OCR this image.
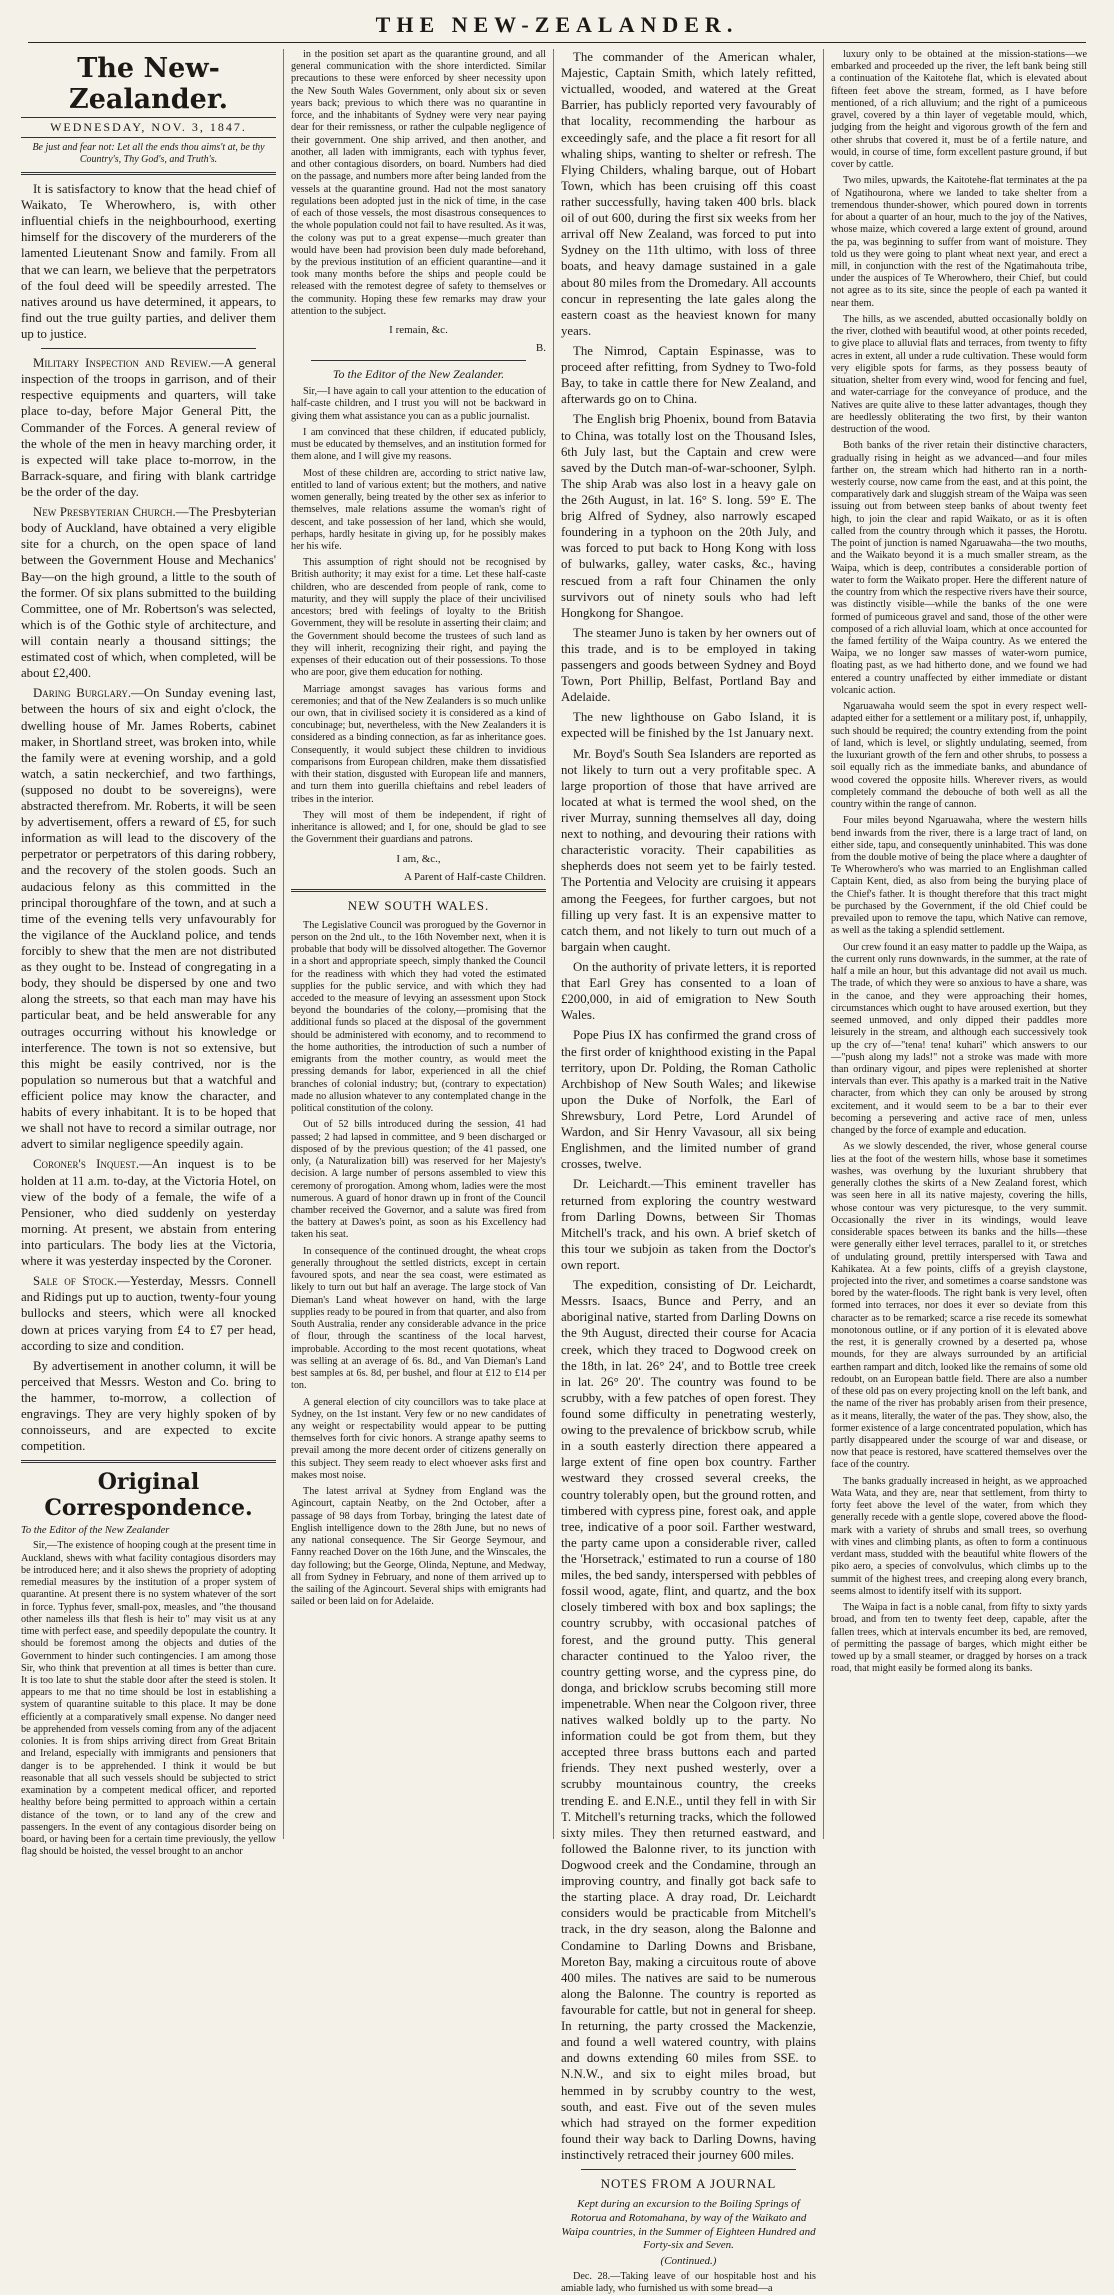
THE NEW-ZEALANDER.
The New-Zealander.
WEDNESDAY, NOV. 3, 1847.
Be just and fear not: Let all the ends thou aims't at, be thy Country's, Thy God's, and Truth's.

It is satisfactory to know that the head chief of Waikato, Te Wherowhero, is, with other influential chiefs in the neighbourhood, exerting himself for the discovery of the murderers of the lamented Lieutenant Snow and family. From all that we can learn, we believe that the perpetrators of the foul deed will be speedily arrested. The natives around us have determined, it appears, to find out the true guilty parties, and deliver them up to justice.

Military Inspection and Review.—A general inspection of the troops in garrison, and of their respective equipments and quarters, will take place to-day, before Major General Pitt, the Commander of the Forces. A general review of the whole of the men in heavy marching order, it is expected will take place to-morrow, in the Barrack-square, and firing with blank cartridge be the order of the day.

New Presbyterian Church.—The Presbyterian body of Auckland, have obtained a very eligible site for a church, on the open space of land between the Government House and Mechanics' Bay—on the high ground, a little to the south of the former. Of six plans submitted to the building Committee, one of Mr. Robertson's was selected, which is of the Gothic style of architecture, and will contain nearly a thousand sittings; the estimated cost of which, when completed, will be about £2,400.

Daring Burglary.—On Sunday evening last, between the hours of six and eight o'clock, the dwelling house of Mr. James Roberts, cabinet maker, in Shortland street, was broken into, while the family were at evening worship, and a gold watch, a satin neckerchief, and two farthings, (supposed no doubt to be sovereigns), were abstracted therefrom. Mr. Roberts, it will be seen by advertisement, offers a reward of £5, for such information as will lead to the discovery of the perpetrator or perpetrators of this daring robbery, and the recovery of the stolen goods. Such an audacious felony as this committed in the principal thoroughfare of the town, and at such a time of the evening tells very unfavourably for the vigilance of the Auckland police, and tends forcibly to shew that the men are not distributed as they ought to be. Instead of congregating in a body, they should be dispersed by one and two along the streets, so that each man may have his particular beat, and be held answerable for any outrages occurring without his knowledge or interference. The town is not so extensive, but this might be easily contrived, nor is the population so numerous but that a watchful and efficient police may know the character, and habits of every inhabitant. It is to be hoped that we shall not have to record a similar outrage, nor advert to similar negligence speedily again.

Coroner's Inquest.—An inquest is to be holden at 11 a.m. to-day, at the Victoria Hotel, on view of the body of a female, the wife of a Pensioner, who died suddenly on yesterday morning. At present, we abstain from entering into particulars. The body lies at the Victoria, where it was yesterday inspected by the Coroner.

Sale of Stock.—Yesterday, Messrs. Connell and Ridings put up to auction, twenty-four young bullocks and steers, which were all knocked down at prices varying from £4 to £7 per head, according to size and condition.

By advertisement in another column, it will be perceived that Messrs. Weston and Co. bring to the hammer, to-morrow, a collection of engravings. They are very highly spoken of by connoisseurs, and are expected to excite competition.

Original Correspondence.
To the Editor of the New Zealander

Sir,—The existence of hooping cough at the present time in Auckland, shews with what facility contagious disorders may be introduced here; and it also shews the propriety of adopting remedial measures by the institution of a proper system of quarantine. At present there is no system whatever of the sort in force. Typhus fever, small-pox, measles, and "the thousand other nameless ills that flesh is heir to" may visit us at any time with perfect ease, and speedily depopulate the country. It should be foremost among the objects and duties of the Government to hinder such contingencies. I am among those Sir, who think that prevention at all times is better than cure. It is too late to shut the stable door after the steed is stolen. It appears to me that no time should be lost in establishing a system of quarantine suitable to this place. It may be done efficiently at a comparatively small expense. No danger need be apprehended from vessels coming from any of the adjacent colonies. It is from ships arriving direct from Great Britain and Ireland, especially with immigrants and pensioners that danger is to be apprehended. I think it would be but reasonable that all such vessels should be subjected to strict examination by a competent medical officer, and reported healthy before being permitted to approach within a certain distance of the town, or to land any of the crew and passengers. In the event of any contagious disorder being on board, or having been for a certain time previously, the yellow flag should be hoisted, the vessel brought to an anchor

in the position set apart as the quarantine ground, and all general communication with the shore interdicted. Similar precautions to these were enforced by sheer necessity upon the New South Wales Government, only about six or seven years back; previous to which there was no quarantine in force, and the inhabitants of Sydney were very near paying dear for their remissness, or rather the culpable negligence of their government. One ship arrived, and then another, and another, all laden with immigrants, each with typhus fever, and other contagious disorders, on board. Numbers had died on the passage, and numbers more after being landed from the vessels at the quarantine ground. Had not the most sanatory regulations been adopted just in the nick of time, in the case of each of those vessels, the most disastrous consequences to the whole population could not fail to have resulted. As it was, the colony was put to a great expense—much greater than would have been had provision been duly made beforehand, by the previous institution of an efficient quarantine—and it took many months before the ships and people could be released with the remotest degree of safety to themselves or the community. Hoping these few remarks may draw your attention to the subject.

I remain, &c.
B.
To the Editor of the New Zealander.

Sir,—I have again to call your attention to the education of half-caste children, and I trust you will not be backward in giving them what assistance you can as a public journalist.

I am convinced that these children, if educated publicly, must be educated by themselves, and an institution formed for them alone, and I will give my reasons.

Most of these children are, according to strict native law, entitled to land of various extent; but the mothers, and native women generally, being treated by the other sex as inferior to themselves, male relations assume the woman's right of descent, and take possession of her land, which she would, perhaps, hardly hesitate in giving up, for he possibly makes her his wife.

This assumption of right should not be recognised by British authority; it may exist for a time. Let these half-caste children, who are descended from people of rank, come to maturity, and they will supply the place of their uncivilised ancestors; bred with feelings of loyalty to the British Government, they will be resolute in asserting their claim; and the Government should become the trustees of such land as they will inherit, recognizing their right, and paying the expenses of their education out of their possessions. To those who are poor, give them education for nothing.

Marriage amongst savages has various forms and ceremonies; and that of the New Zealanders is so much unlike our own, that in civilised society it is considered as a kind of concubinage; but, nevertheless, with the New Zealanders it is considered as a binding connection, as far as inheritance goes. Consequently, it would subject these children to invidious comparisons from European children, make them dissatisfied with their station, disgusted with European life and manners, and turn them into guerilla chieftains and rebel leaders of tribes in the interior.

They will most of them be independent, if right of inheritance is allowed; and I, for one, should be glad to see the Government their guardians and patrons.

I am, &c.,
A Parent of Half-caste Children.
NEW SOUTH WALES.

The Legislative Council was prorogued by the Governor in person on the 2nd ult., to the 16th November next, when it is probable that body will be dissolved altogether. The Governor in a short and appropriate speech, simply thanked the Council for the readiness with which they had voted the estimated supplies for the public service, and with which they had acceded to the measure of levying an assessment upon Stock beyond the boundaries of the colony,—promising that the additional funds so placed at the disposal of the government should be administered with economy, and to recommend to the home authorities, the introduction of such a number of emigrants from the mother country, as would meet the pressing demands for labor, experienced in all the chief branches of colonial industry; but, (contrary to expectation) made no allusion whatever to any contemplated change in the political constitution of the colony.

Out of 52 bills introduced during the session, 41 had passed; 2 had lapsed in committee, and 9 been discharged or disposed of by the previous question; of the 41 passed, one only, (a Naturalization bill) was reserved for her Majesty's decision. A large number of persons assembled to view this ceremony of prorogation. Among whom, ladies were the most numerous. A guard of honor drawn up in front of the Council chamber received the Governor, and a salute was fired from the battery at Dawes's point, as soon as his Excellency had taken his seat.

In consequence of the continued drought, the wheat crops generally throughout the settled districts, except in certain favoured spots, and near the sea coast, were estimated as likely to turn out but half an average. The large stock of Van Dieman's Land wheat however on hand, with the large supplies ready to be poured in from that quarter, and also from South Australia, render any considerable advance in the price of flour, through the scantiness of the local harvest, improbable. According to the most recent quotations, wheat was selling at an average of 6s. 8d., and Van Dieman's Land best samples at 6s. 8d, per bushel, and flour at £12 to £14 per ton.

A general election of city councillors was to take place at Sydney, on the 1st instant. Very few or no new candidates of any weight or respectability would appear to be putting themselves forth for civic honors. A strange apathy seems to prevail among the more decent order of citizens generally on this subject. They seem ready to elect whoever asks first and makes most noise.

The latest arrival at Sydney from England was the Agincourt, captain Neatby, on the 2nd October, after a passage of 98 days from Torbay, bringing the latest date of English intelligence down to the 28th June, but no news of any national consequence. The Sir George Seymour, and Fanny reached Dover on the 16th June, and the Winscales, the day following; but the George, Olinda, Neptune, and Medway, all from Sydney in February, and none of them arrived up to the sailing of the Agincourt. Several ships with emigrants had sailed or been laid on for Adelaide.

The commander of the American whaler, Majestic, Captain Smith, which lately refitted, victualled, wooded, and watered at the Great Barrier, has publicly reported very favourably of that locality, recommending the harbour as exceedingly safe, and the place a fit resort for all whaling ships, wanting to shelter or refresh. The Flying Childers, whaling barque, out of Hobart Town, which has been cruising off this coast rather successfully, having taken 400 brls. black oil of out 600, during the first six weeks from her arrival off New Zealand, was forced to put into Sydney on the 11th ultimo, with loss of three boats, and heavy damage sustained in a gale about 80 miles from the Dromedary. All accounts concur in representing the late gales along the eastern coast as the heaviest known for many years.

The Nimrod, Captain Espinasse, was to proceed after refitting, from Sydney to Two-fold Bay, to take in cattle there for New Zealand, and afterwards go on to China.

The English brig Phoenix, bound from Batavia to China, was totally lost on the Thousand Isles, 6th July last, but the Captain and crew were saved by the Dutch man-of-war-schooner, Sylph. The ship Arab was also lost in a heavy gale on the 26th August, in lat. 16° S. long. 59° E. The brig Alfred of Sydney, also narrowly escaped foundering in a typhoon on the 20th July, and was forced to put back to Hong Kong with loss of bulwarks, galley, water casks, &c., having rescued from a raft four Chinamen the only survivors out of ninety souls who had left Hongkong for Shangoe.

The steamer Juno is taken by her owners out of this trade, and is to be employed in taking passengers and goods between Sydney and Boyd Town, Port Phillip, Belfast, Portland Bay and Adelaide.

The new lighthouse on Gabo Island, it is expected will be finished by the 1st January next.

Mr. Boyd's South Sea Islanders are reported as not likely to turn out a very profitable spec. A large proportion of those that have arrived are located at what is termed the wool shed, on the river Murray, sunning themselves all day, doing next to nothing, and devouring their rations with characteristic voracity. Their capabilities as shepherds does not seem yet to be fairly tested. The Portentia and Velocity are cruising it appears among the Feegees, for further cargoes, but not filling up very fast. It is an expensive matter to catch them, and not likely to turn out much of a bargain when caught.

On the authority of private letters, it is reported that Earl Grey has consented to a loan of £200,000, in aid of emigration to New South Wales.

Pope Pius IX has confirmed the grand cross of the first order of knighthood existing in the Papal territory, upon Dr. Polding, the Roman Catholic Archbishop of New South Wales; and likewise upon the Duke of Norfolk, the Earl of Shrewsbury, Lord Petre, Lord Arundel of Wardon, and Sir Henry Vavasour, all six being Englishmen, and the limited number of grand crosses, twelve.

Dr. Leichardt.—This eminent traveller has returned from exploring the country westward from Darling Downs, between Sir Thomas Mitchell's track, and his own. A brief sketch of this tour we subjoin as taken from the Doctor's own report.

The expedition, consisting of Dr. Leichardt, Messrs. Isaacs, Bunce and Perry, and an aboriginal native, started from Darling Downs on the 9th August, directed their course for Acacia creek, which they traced to Dogwood creek on the 18th, in lat. 26° 24', and to Bottle tree creek in lat. 26° 20'. The country was found to be scrubby, with a few patches of open forest. They found some difficulty in penetrating westerly, owing to the prevalence of brickbow scrub, while in a south easterly direction there appeared a large extent of fine open box country. Farther westward they crossed several creeks, the country tolerably open, but the ground rotten, and timbered with cypress pine, forest oak, and apple tree, indicative of a poor soil. Farther westward, the party came upon a considerable river, called the 'Horsetrack,' estimated to run a course of 180 miles, the bed sandy, interspersed with pebbles of fossil wood, agate, flint, and quartz, and the box closely timbered with box and box saplings; the country scrubby, with occasional patches of forest, and the ground putty. This general character continued to the Yaloo river, the country getting worse, and the cypress pine, do donga, and bricklow scrubs becoming still more impenetrable. When near the Colgoon river, three natives walked boldly up to the party. No information could be got from them, but they accepted three brass buttons each and parted friends. They next pushed westerly, over a scrubby mountainous country, the creeks trending E. and E.N.E., until they fell in with Sir T. Mitchell's returning tracks, which the followed sixty miles. They then returned eastward, and followed the Balonne river, to its junction with Dogwood creek and the Condamine, through an improving country, and finally got back safe to the starting place. A dray road, Dr. Leichardt considers would be practicable from Mitchell's track, in the dry season, along the Balonne and Condamine to Darling Downs and Brisbane, Moreton Bay, making a circuitous route of above 400 miles. The natives are said to be numerous along the Balonne. The country is reported as favourable for cattle, but not in general for sheep. In returning, the party crossed the Mackenzie, and found a well watered country, with plains and downs extending 60 miles from SSE. to N.N.W., and six to eight miles broad, but hemmed in by scrubby country to the west, south, and east. Five out of the seven mules which had strayed on the former expedition found their way back to Darling Downs, having instinctively retraced their journey 600 miles.

NOTES FROM A JOURNAL
Kept during an excursion to the Boiling Springs of Rotorua and Rotomahana, by way of the Waikato and Waipa countries, in the Summer of Eighteen Hundred and Forty-six and Seven.
(Continued.)

Dec. 28.—Taking leave of our hospitable host and his amiable lady, who furnished us with some bread—a

luxury only to be obtained at the mission-stations—we embarked and proceeded up the river, the left bank being still a continuation of the Kaitotehe flat, which is elevated about fifteen feet above the stream, formed, as I have before mentioned, of a rich alluvium; and the right of a pumiceous gravel, covered by a thin layer of vegetable mould, which, judging from the height and vigorous growth of the fern and other shrubs that covered it, must be of a fertile nature, and would, in course of time, form excellent pasture ground, if but cover by cattle.

Two miles, upwards, the Kaitotehe-flat terminates at the pa of Ngatihourona, where we landed to take shelter from a tremendous thunder-shower, which poured down in torrents for about a quarter of an hour, much to the joy of the Natives, whose maize, which covered a large extent of ground, around the pa, was beginning to suffer from want of moisture. They told us they were going to plant wheat next year, and erect a mill, in conjunction with the rest of the Ngatimahouta tribe, under the auspices of Te Wherowhero, their Chief, but could not agree as to its site, since the people of each pa wanted it near them.

The hills, as we ascended, abutted occasionally boldly on the river, clothed with beautiful wood, at other points receded, to give place to alluvial flats and terraces, from twenty to fifty acres in extent, all under a rude cultivation. These would form very eligible spots for farms, as they possess beauty of situation, shelter from every wind, wood for fencing and fuel, and water-carriage for the conveyance of produce, and the Natives are quite alive to these latter advantages, though they are heedlessly obliterating the two first, by their wanton destruction of the wood.

Both banks of the river retain their distinctive characters, gradually rising in height as we advanced—and four miles farther on, the stream which had hitherto ran in a north-westerly course, now came from the east, and at this point, the comparatively dark and sluggish stream of the Waipa was seen issuing out from between steep banks of about twenty feet high, to join the clear and rapid Waikato, or as it is often called from the country through which it passes, the Horotu. The point of junction is named Ngaruawaha—the two mouths, and the Waikato beyond it is a much smaller stream, as the Waipa, which is deep, contributes a considerable portion of water to form the Waikato proper. Here the different nature of the country from which the respective rivers have their source, was distinctly visible—while the banks of the one were formed of pumiceous gravel and sand, those of the other were composed of a rich alluvial loam, which at once accounted for the famed fertility of the Waipa country. As we entered the Waipa, we no longer saw masses of water-worn pumice, floating past, as we had hitherto done, and we found we had entered a country unaffected by either immediate or distant volcanic action.

Ngaruawaha would seem the spot in every respect well-adapted either for a settlement or a military post, if, unhappily, such should be required; the country extending from the point of land, which is level, or slightly undulating, seemed, from the luxuriant growth of the fern and other shrubs, to possess a soil equally rich as the immediate banks, and abundance of wood covered the opposite hills. Wherever rivers, as would completely command the debouche of both well as all the country within the range of cannon.

Four miles beyond Ngaruawaha, where the western hills bend inwards from the river, there is a large tract of land, on either side, tapu, and consequently uninhabited. This was done from the double motive of being the place where a daughter of Te Wherowhero's who was married to an Englishman called Captain Kent, died, as also from being the burying place of the Chief's father. It is thought therefore that this tract might be purchased by the Government, if the old Chief could be prevailed upon to remove the tapu, which Native can remove, as well as the taking a splendid settlement.

Our crew found it an easy matter to paddle up the Waipa, as the current only runs downwards, in the summer, at the rate of half a mile an hour, but this advantage did not avail us much. The trade, of which they were so anxious to have a share, was in the canoe, and they were approaching their homes, circumstances which ought to have aroused exertion, but they seemed unmoved, and only dipped their paddles more leisurely in the stream, and although each successively took up the cry of—"tena! tena! kuhari" which answers to our—"push along my lads!" not a stroke was made with more than ordinary vigour, and pipes were replenished at shorter intervals than ever. This apathy is a marked trait in the Native character, from which they can only be aroused by strong excitement, and it would seem to be a bar to their ever becoming a persevering and active race of men, unless changed by the force of example and education.

As we slowly descended, the river, whose general course lies at the foot of the western hills, whose base it sometimes washes, was overhung by the luxuriant shrubbery that generally clothes the skirts of a New Zealand forest, which was seen here in all its native majesty, covering the hills, whose contour was very picturesque, to the very summit. Occasionally the river in its windings, would leave considerable spaces between its banks and the hills—these were generally either level terraces, parallel to it, or stretches of undulating ground, prettily interspersed with Tawa and Kahikatea. At a few points, cliffs of a greyish claystone, projected into the river, and sometimes a coarse sandstone was bored by the water-floods. The right bank is very level, often formed into terraces, nor does it ever so deviate from this character as to be remarked; scarce a rise recede its somewhat monotonous outline, or if any portion of it is elevated above the rest, it is generally crowned by a deserted pa, whose mounds, for they are always surrounded by an artificial earthen rampart and ditch, looked like the remains of some old redoubt, on an European battle field. There are also a number of these old pas on every projecting knoll on the left bank, and the name of the river has probably arisen from their presence, as it means, literally, the water of the pas. They show, also, the former existence of a large concentrated population, which has partly disappeared under the scourge of war and disease, or now that peace is restored, have scattered themselves over the face of the country.

The banks gradually increased in height, as we approached Wata Wata, and they are, near that settlement, from thirty to forty feet above the level of the water, from which they generally recede with a gentle slope, covered above the flood-mark with a variety of shrubs and small trees, so overhung with vines and climbing plants, as often to form a continuous verdant mass, studded with the beautiful white flowers of the piko aero, a species of convolvulus, which climbs up to the summit of the highest trees, and creeping along every branch, seems almost to identify itself with its support.

The Waipa in fact is a noble canal, from fifty to sixty yards broad, and from ten to twenty feet deep, capable, after the fallen trees, which at intervals encumber its bed, are removed, of permitting the passage of barges, which might either be towed up by a small steamer, or dragged by horses on a track road, that might easily be formed along its banks.
